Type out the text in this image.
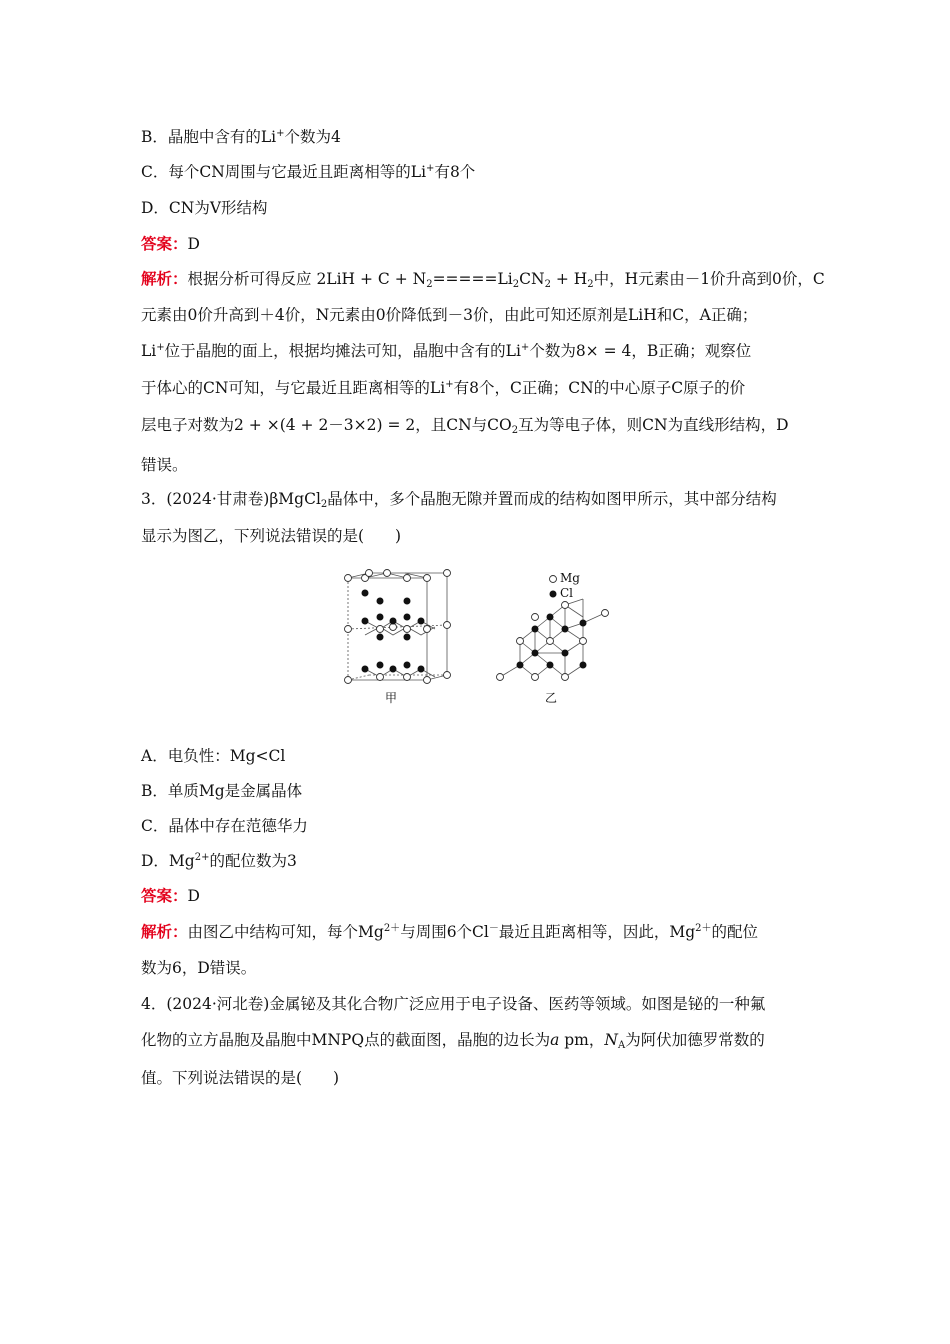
B．晶胞中含有的Li+个数为4
C．每个CN周围与它最近且距离相等的Li+有8个
D．CN为V形结构
答案：D
解析：根据分析可得反应 $2LiH + C + N_2=====Li_2CN_2 + H_2$中，H元素由－1价升高到0价，C
元素由0价升高到＋4价，N元素由0价降低到－3价，由此可知还原剂是LiH和C，A正确；
Li+位于晶胞的面上，根据均摊法可知，晶胞中含有的Li+个数为8× = 4，B正确；观察位
于体心的CN可知，与它最近且距离相等的Li+有8个，C正确；CN的中心原子C原子的价
层电子对数为2 + ×(4 + 2－3×2) = 2，且CN与$CO_2$互为等电子体，则CN为直线形结构，D
错误。
3．(2024·甘肃卷)βMgCl$_2$晶体中，多个晶胞无隙并置而成的结构如图甲所示，其中部分结构
显示为图乙，下列说法错误的是(　　)
Mg
Cl
甲	乙
A．电负性：Mg<Cl
B．单质Mg是金属晶体
C．晶体中存在范德华力
D．$Mg^{2+}$的配位数为3
答案：D
解析：由图乙中结构可知，每个$Mg^{2+}$与周围6个Cl－最近且距离相等，因此，$Mg^{2+}$的配位
数为6，D错误。
4．(2024·河北卷)金属铋及其化合物广泛应用于电子设备、医药等领域。如图是铋的一种氟
化物的立方晶胞及晶胞中MNPQ点的截面图，晶胞的边长为a pm，$N_A$为阿伏加德罗常数的
值。下列说法错误的是(　　)
